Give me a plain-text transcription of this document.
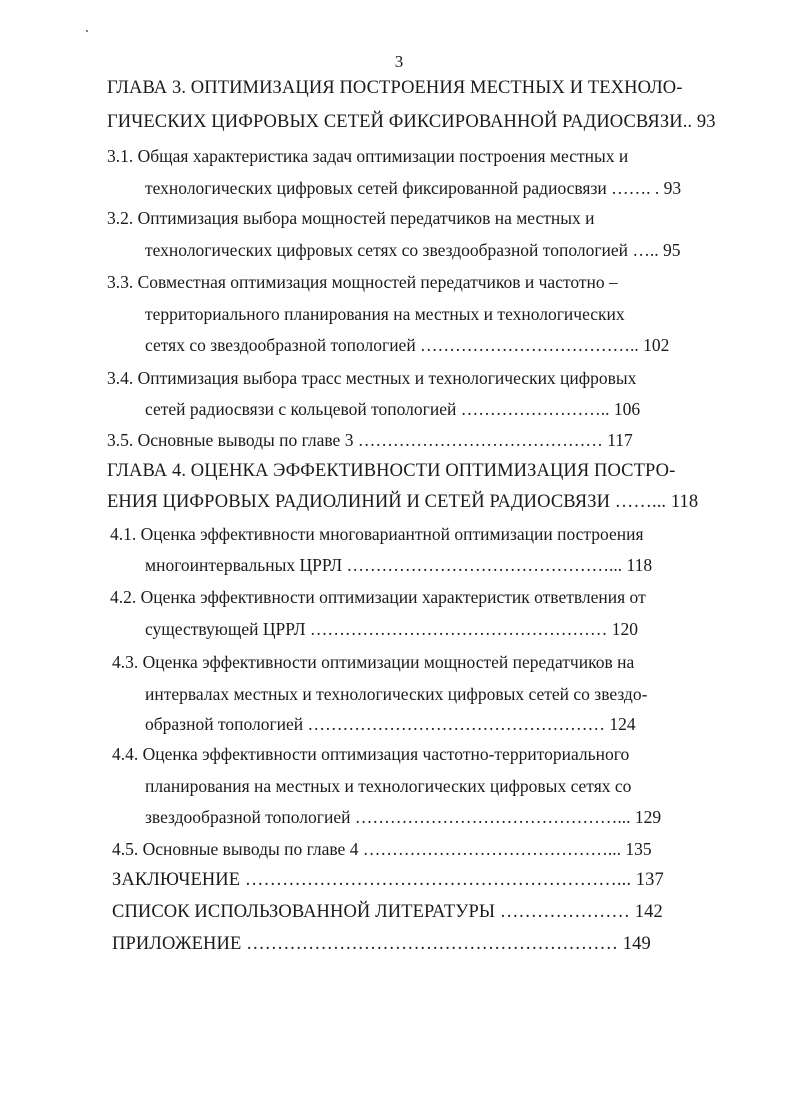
3
ГЛАВА 3. ОПТИМИЗАЦИЯ ПОСТРОЕНИЯ МЕСТНЫХ И ТЕХНОЛО-
ГИЧЕСКИХ ЦИФРОВЫХ СЕТЕЙ ФИКСИРОВАННОЙ РАДИОСВЯЗИ.. 93
3.1. Общая характеристика задач оптимизации построения местных и
технологических цифровых сетей фиксированной радиосвязи ……. . 93
3.2. Оптимизация выбора мощностей передатчиков на местных и
технологических цифровых сетях со звездообразной топологией ….. 95
3.3. Совместная оптимизация мощностей передатчиков и частотно –
территориального планирования на местных и технологических
сетях со звездообразной топологией ……………………………….. 102
3.4. Оптимизация выбора трасс местных и технологических цифровых
сетей радиосвязи с кольцевой топологией …………………….. 106
3.5. Основные выводы по главе 3 …………………………………… 117
ГЛАВА 4. ОЦЕНКА ЭФФЕКТИВНОСТИ ОПТИМИЗАЦИЯ ПОСТРО-
ЕНИЯ ЦИФРОВЫХ РАДИОЛИНИЙ И СЕТЕЙ РАДИОСВЯЗИ ……... 118
4.1. Оценка эффективности многовариантной оптимизации построения
многоинтервальных ЦРРЛ ………………………………………... 118
4.2. Оценка эффективности оптимизации характеристик ответвления от
существующей ЦРРЛ …………………………………………… 120
4.3. Оценка эффективности оптимизации мощностей передатчиков на
интервалах местных и технологических цифровых сетей со звездо-
образной топологией …………………………………………… 124
4.4. Оценка эффективности оптимизация частотно-территориального
планирования на местных и технологических цифровых сетях со
звездообразной топологией ………………………………………... 129
4.5. Основные выводы по главе 4 ……………………………………... 135
ЗАКЛЮЧЕНИЕ ……………………………………………………... 137
СПИСОК ИСПОЛЬЗОВАННОЙ ЛИТЕРАТУРЫ ………………… 142
ПРИЛОЖЕНИЕ …………………………………………………… 149
